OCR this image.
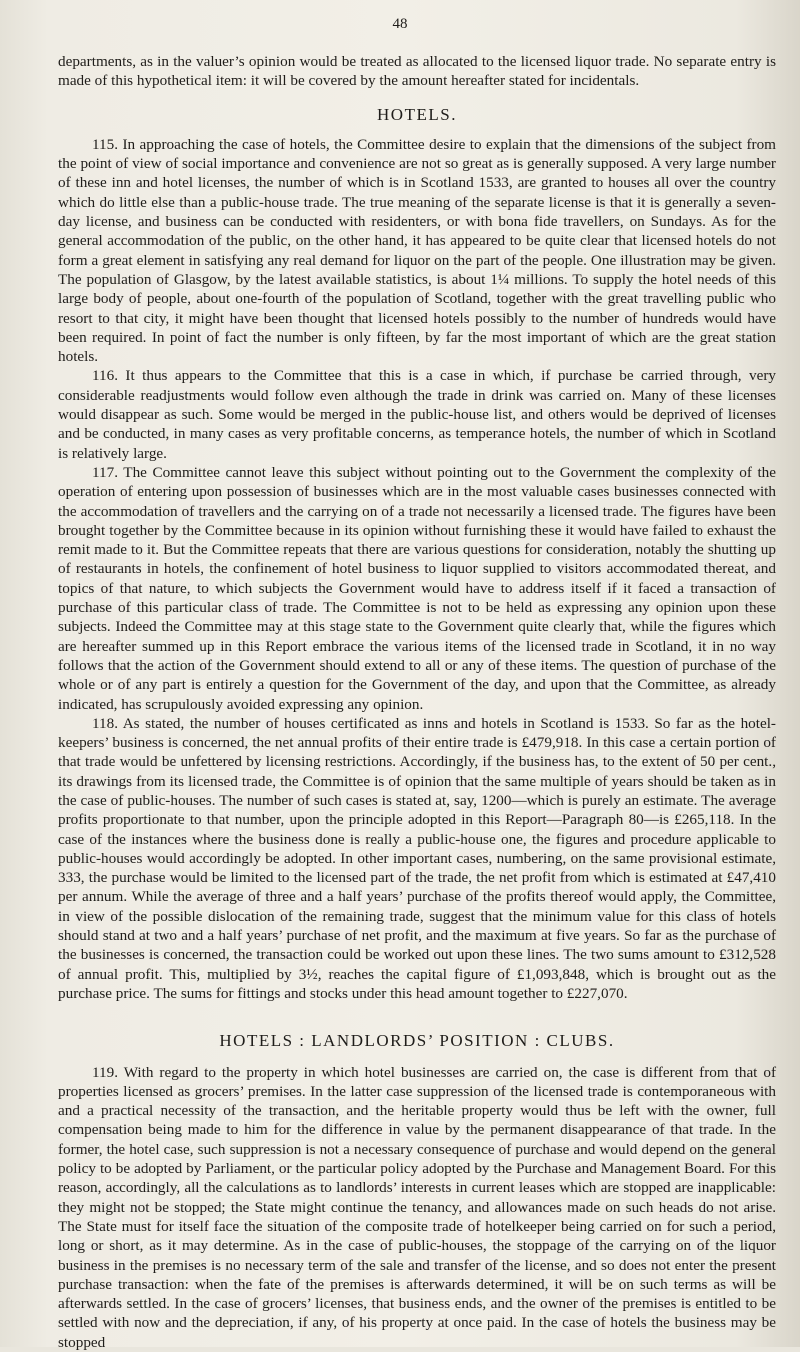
48

departments, as in the valuer’s opinion would be treated as allocated to the licensed liquor trade. No separate entry is made of this hypothetical item: it will be covered by the amount hereafter stated for incidentals.

HOTELS.

115. In approaching the case of hotels, the Committee desire to explain that the dimensions of the subject from the point of view of social importance and convenience are not so great as is generally supposed. A very large number of these inn and hotel licenses, the number of which is in Scotland 1533, are granted to houses all over the country which do little else than a public-house trade. The true meaning of the separate license is that it is generally a seven-day license, and business can be conducted with residenters, or with bona fide travellers, on Sundays. As for the general accommodation of the public, on the other hand, it has appeared to be quite clear that licensed hotels do not form a great element in satisfying any real demand for liquor on the part of the people. One illustration may be given. The population of Glasgow, by the latest available statistics, is about 1¼ millions. To supply the hotel needs of this large body of people, about one-fourth of the population of Scotland, together with the great travelling public who resort to that city, it might have been thought that licensed hotels possibly to the number of hundreds would have been required. In point of fact the number is only fifteen, by far the most important of which are the great station hotels.

116. It thus appears to the Committee that this is a case in which, if purchase be carried through, very considerable readjustments would follow even although the trade in drink was carried on. Many of these licenses would disappear as such. Some would be merged in the public-house list, and others would be deprived of licenses and be conducted, in many cases as very profitable concerns, as temperance hotels, the number of which in Scotland is relatively large.

117. The Committee cannot leave this subject without pointing out to the Government the complexity of the operation of entering upon possession of businesses which are in the most valuable cases businesses connected with the accommodation of travellers and the carrying on of a trade not necessarily a licensed trade. The figures have been brought together by the Committee because in its opinion without furnishing these it would have failed to exhaust the remit made to it. But the Committee repeats that there are various questions for consideration, notably the shutting up of restaurants in hotels, the confinement of hotel business to liquor supplied to visitors accommodated thereat, and topics of that nature, to which subjects the Government would have to address itself if it faced a transaction of purchase of this particular class of trade. The Committee is not to be held as expressing any opinion upon these subjects. Indeed the Committee may at this stage state to the Government quite clearly that, while the figures which are hereafter summed up in this Report embrace the various items of the licensed trade in Scotland, it in no way follows that the action of the Government should extend to all or any of these items. The question of purchase of the whole or of any part is entirely a question for the Government of the day, and upon that the Committee, as already indicated, has scrupulously avoided expressing any opinion.

118. As stated, the number of houses certificated as inns and hotels in Scotland is 1533. So far as the hotel-keepers’ business is concerned, the net annual profits of their entire trade is £479,918. In this case a certain portion of that trade would be unfettered by licensing restrictions. Accordingly, if the business has, to the extent of 50 per cent., its drawings from its licensed trade, the Committee is of opinion that the same multiple of years should be taken as in the case of public-houses. The number of such cases is stated at, say, 1200—which is purely an estimate. The average profits proportionate to that number, upon the principle adopted in this Report—Paragraph 80—is £265,118. In the case of the instances where the business done is really a public-house one, the figures and procedure applicable to public-houses would accordingly be adopted. In other important cases, numbering, on the same provisional estimate, 333, the purchase would be limited to the licensed part of the trade, the net profit from which is estimated at £47,410 per annum. While the average of three and a half years’ purchase of the profits thereof would apply, the Committee, in view of the possible dislocation of the remaining trade, suggest that the minimum value for this class of hotels should stand at two and a half years’ purchase of net profit, and the maximum at five years. So far as the purchase of the businesses is concerned, the transaction could be worked out upon these lines. The two sums amount to £312,528 of annual profit. This, multiplied by 3½, reaches the capital figure of £1,093,848, which is brought out as the purchase price. The sums for fittings and stocks under this head amount together to £227,070.

HOTELS : LANDLORDS’ POSITION : CLUBS.

119. With regard to the property in which hotel businesses are carried on, the case is different from that of properties licensed as grocers’ premises. In the latter case suppression of the licensed trade is contemporaneous with and a practical necessity of the transaction, and the heritable property would thus be left with the owner, full compensation being made to him for the difference in value by the permanent disappearance of that trade. In the former, the hotel case, such suppression is not a necessary consequence of purchase and would depend on the general policy to be adopted by Parliament, or the particular policy adopted by the Purchase and Management Board. For this reason, accordingly, all the calculations as to landlords’ interests in current leases which are stopped are inapplicable: they might not be stopped; the State might continue the tenancy, and allowances made on such heads do not arise. The State must for itself face the situation of the composite trade of hotelkeeper being carried on for such a period, long or short, as it may determine. As in the case of public-houses, the stoppage of the carrying on of the liquor business in the premises is no necessary term of the sale and transfer of the license, and so does not enter the present purchase transaction: when the fate of the premises is afterwards determined, it will be on such terms as will be afterwards settled. In the case of grocers’ licenses, that business ends, and the owner of the premises is entitled to be settled with now and the depreciation, if any, of his property at once paid. In the case of hotels the business may be stopped
